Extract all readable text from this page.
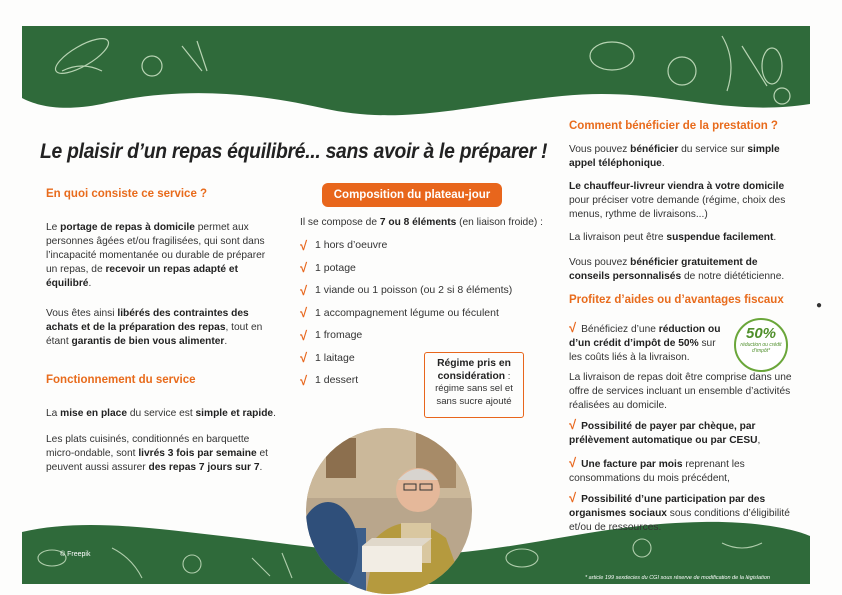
© Freepik
* article 199 sexdecies du CGI sous réserve de modification de la législation
Le plaisir d’un repas équilibré... sans avoir à le préparer !
En quoi consiste ce service ?
Le portage de repas à domicile permet aux personnes âgées et/ou fragilisées, qui sont dans l’incapacité momentanée ou durable de préparer un repas, de recevoir un repas adapté et équilibré.
Vous êtes ainsi libérés des contraintes des achats et de la préparation des repas, tout en étant garantis de bien vous alimenter.
Fonctionnement du service
La mise en place du service est simple et rapide.
Les plats cuisinés, conditionnés en barquette micro-ondable, sont livrés 3 fois par semaine et peuvent aussi assurer des repas 7 jours sur 7.
Composition du plateau-jour
Il se compose de 7 ou 8 éléments (en liaison froide) :
√ 1 hors d’oeuvre
√ 1 potage
√ 1 viande ou 1 poisson (ou 2 si 8 éléments)
√ 1 accompagnement légume ou féculent
√ 1 fromage
√ 1 laitage
√ 1 dessert
Régime pris en considération : régime sans sel et sans sucre ajouté
Comment bénéficier de la prestation ?
Vous pouvez bénéficier du service sur simple appel téléphonique.
Le chauffeur-livreur viendra à votre domicile pour préciser votre demande (régime, choix des menus, rythme de livraisons...)
La livraison peut être suspendue facilement.
Vous pouvez bénéficier gratuitement de conseils personnalisés de notre diététicienne.
Profitez d’aides ou d’avantages fiscaux
√ Bénéficiez d’une réduction ou d’un crédit d’impôt de 50% sur les coûts liés à la livraison.
50%
réduction ou crédit d’impôt*
La livraison de repas doit être comprise dans une offre de services incluant un ensemble d’activités réalisées au domicile.
√ Possibilité de payer par chèque, par prélèvement automatique ou par CESU,
√ Une facture par mois reprenant les consommations du mois précédent,
√ Possibilité d’une participation par des organismes sociaux sous conditions d’éligibilité et/ou de ressources.
●
